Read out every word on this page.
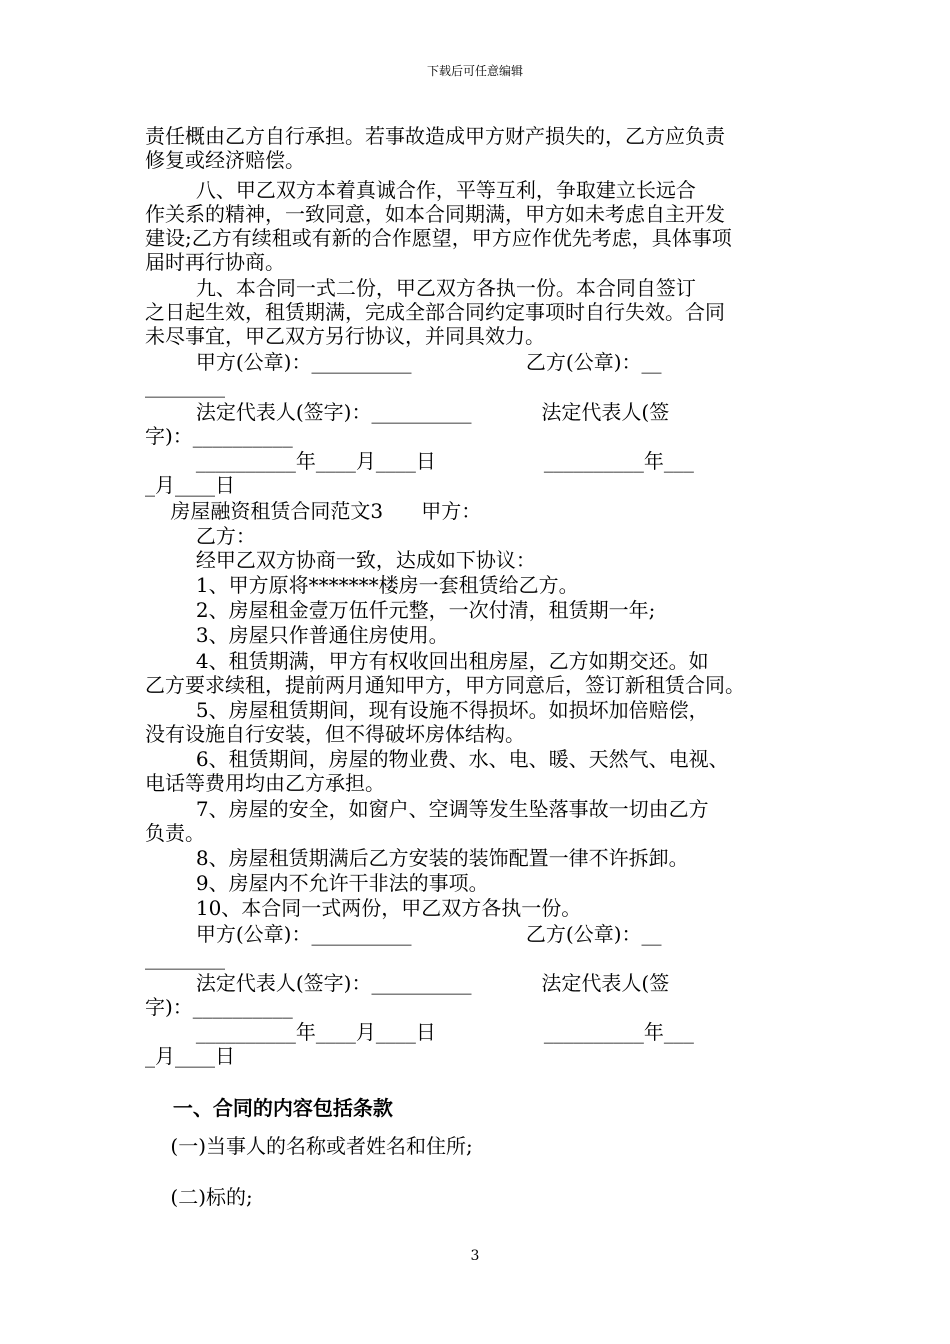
下载后可任意编辑
责任概由乙方自行承担。若事故造成甲方财产损失的，乙方应负责
修复或经济赔偿。
八、甲乙双方本着真诚合作，平等互利，争取建立长远合
作关系的精神，一致同意，如本合同期满，甲方如未考虑自主开发
建设;乙方有续租或有新的合作愿望，甲方应作优先考虑，具体事项
届时再行协商。
九、本合同一式二份，甲乙双方各执一份。本合同自签订
之日起生效，租赁期满，完成全部合同约定事项时自行失效。合同
未尽事宜，甲乙双方另行协议，并同具效力。
甲方(公章)：__________                  乙方(公章)：__
________
法定代表人(签字)：__________           法定代表人(签
字)：__________
__________年____月____日                 __________年___
_月____日
房屋融资租赁合同范文3      甲方：
乙方：
经甲乙双方协商一致，达成如下协议：
1、甲方原将*******楼房一套租赁给乙方。
2、房屋租金壹万伍仟元整，一次付清，租赁期一年;
3、房屋只作普通住房使用。
4、租赁期满，甲方有权收回出租房屋，乙方如期交还。如
乙方要求续租，提前两月通知甲方，甲方同意后，签订新租赁合同。
5、房屋租赁期间，现有设施不得损坏。如损坏加倍赔偿，
没有设施自行安装，但不得破坏房体结构。
6、租赁期间，房屋的物业费、水、电、暖、天然气、电视、
电话等费用均由乙方承担。
7、房屋的安全，如窗户、空调等发生坠落事故一切由乙方
负责。
8、房屋租赁期满后乙方安装的装饰配置一律不许拆卸。
9、房屋内不允许干非法的事项。
10、本合同一式两份，甲乙双方各执一份。
甲方(公章)：__________                  乙方(公章)：__
________
法定代表人(签字)：__________           法定代表人(签
字)：__________
__________年____月____日                 __________年___
_月____日
一、合同的内容包括条款
(一)当事人的名称或者姓名和住所;
(二)标的;
3
